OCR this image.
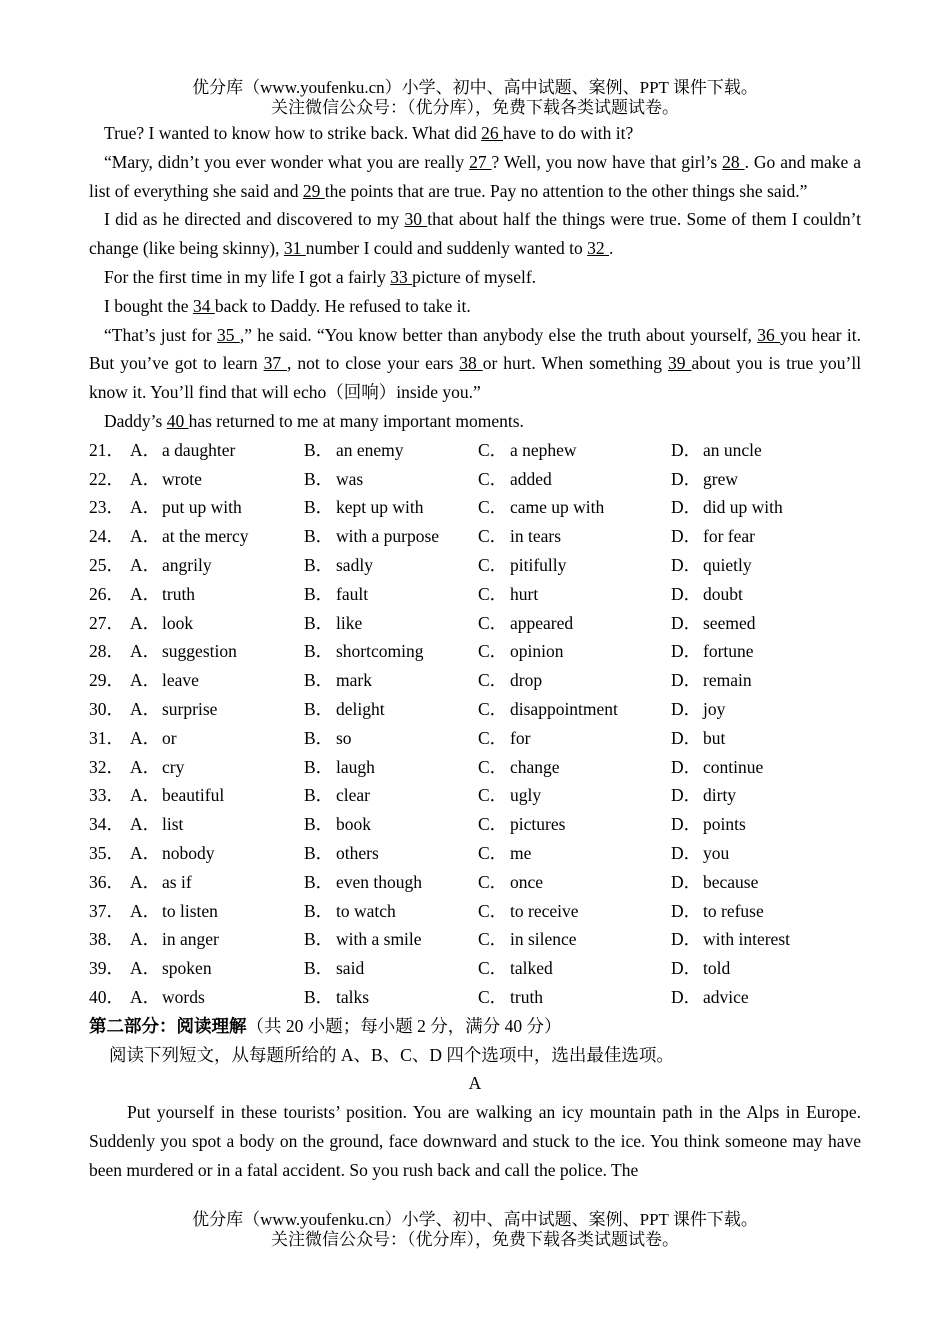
优分库（www.youfenku.cn）小学、初中、高中试题、案例、PPT 课件下载。
关注微信公众号：（优分库），免费下载各类试题试卷。

True? I wanted to know how to strike back. What did 26 have to do with it?

“Mary, didn’t you ever wonder what you are really 27 ? Well, you now have that girl’s 28 . Go and make a list of everything she said and 29 the points that are true. Pay no attention to the other things she said.”

I did as he directed and discovered to my 30 that about half the things were true. Some of them I couldn’t change (like being skinny), 31 number I could and suddenly wanted to 32 .

For the first time in my life I got a fairly 33 picture of myself.

I bought the 34 back to Daddy. He refused to take it.

“That’s just for 35 ,” he said. “You know better than anybody else the truth about yourself, 36 you hear it. But you’ve got to learn 37 , not to close your ears 38 or hurt. When something 39 about you is true you’ll know it. You’ll find that will echo（回响）inside you.”

Daddy’s 40 has returned to me at many important moments.

21． A． a daughter	B． an enemy	C． a nephew	D． an uncle
22． A． wrote	B． was	C． added	D． grew
23． A． put up with	B． kept up with	C． came up with	D． did up with
24． A． at the mercy	B． with a purpose	C． in tears	D． for fear
25． A． angrily	B． sadly	C． pitifully	D． quietly
26． A． truth	B． fault	C． hurt	D． doubt
27． A． look	B． like	C． appeared	D． seemed
28． A． suggestion	B． shortcoming	C． opinion	D． fortune
29． A． leave	B． mark	C． drop	D． remain
30． A． surprise	B． delight	C． disappointment	D． joy
31． A． or	B． so	C． for	D． but
32． A． cry	B． laugh	C． change	D． continue
33． A． beautiful	B． clear	C． ugly	D． dirty
34． A． list	B． book	C． pictures	D． points
35． A． nobody	B． others	C． me	D． you
36． A． as if	B． even though	C． once	D． because
37． A． to listen	B． to watch	C． to receive	D． to refuse
38． A． in anger	B． with a smile	C． in silence	D． with interest
39． A． spoken	B． said	C． talked	D． told
40． A． words	B． talks	C． truth	D． advice

第二部分：阅读理解（共 20 小题；每小题 2 分，满分 40 分）

阅读下列短文，从每题所给的 A、B、C、D 四个选项中，选出最佳选项。

A

Put yourself in these tourists’ position. You are walking an icy mountain path in the Alps in Europe. Suddenly you spot a body on the ground, face downward and stuck to the ice. You think someone may have been murdered or in a fatal accident. So you rush back and call the police. The

优分库（www.youfenku.cn）小学、初中、高中试题、案例、PPT 课件下载。
关注微信公众号：（优分库），免费下载各类试题试卷。
